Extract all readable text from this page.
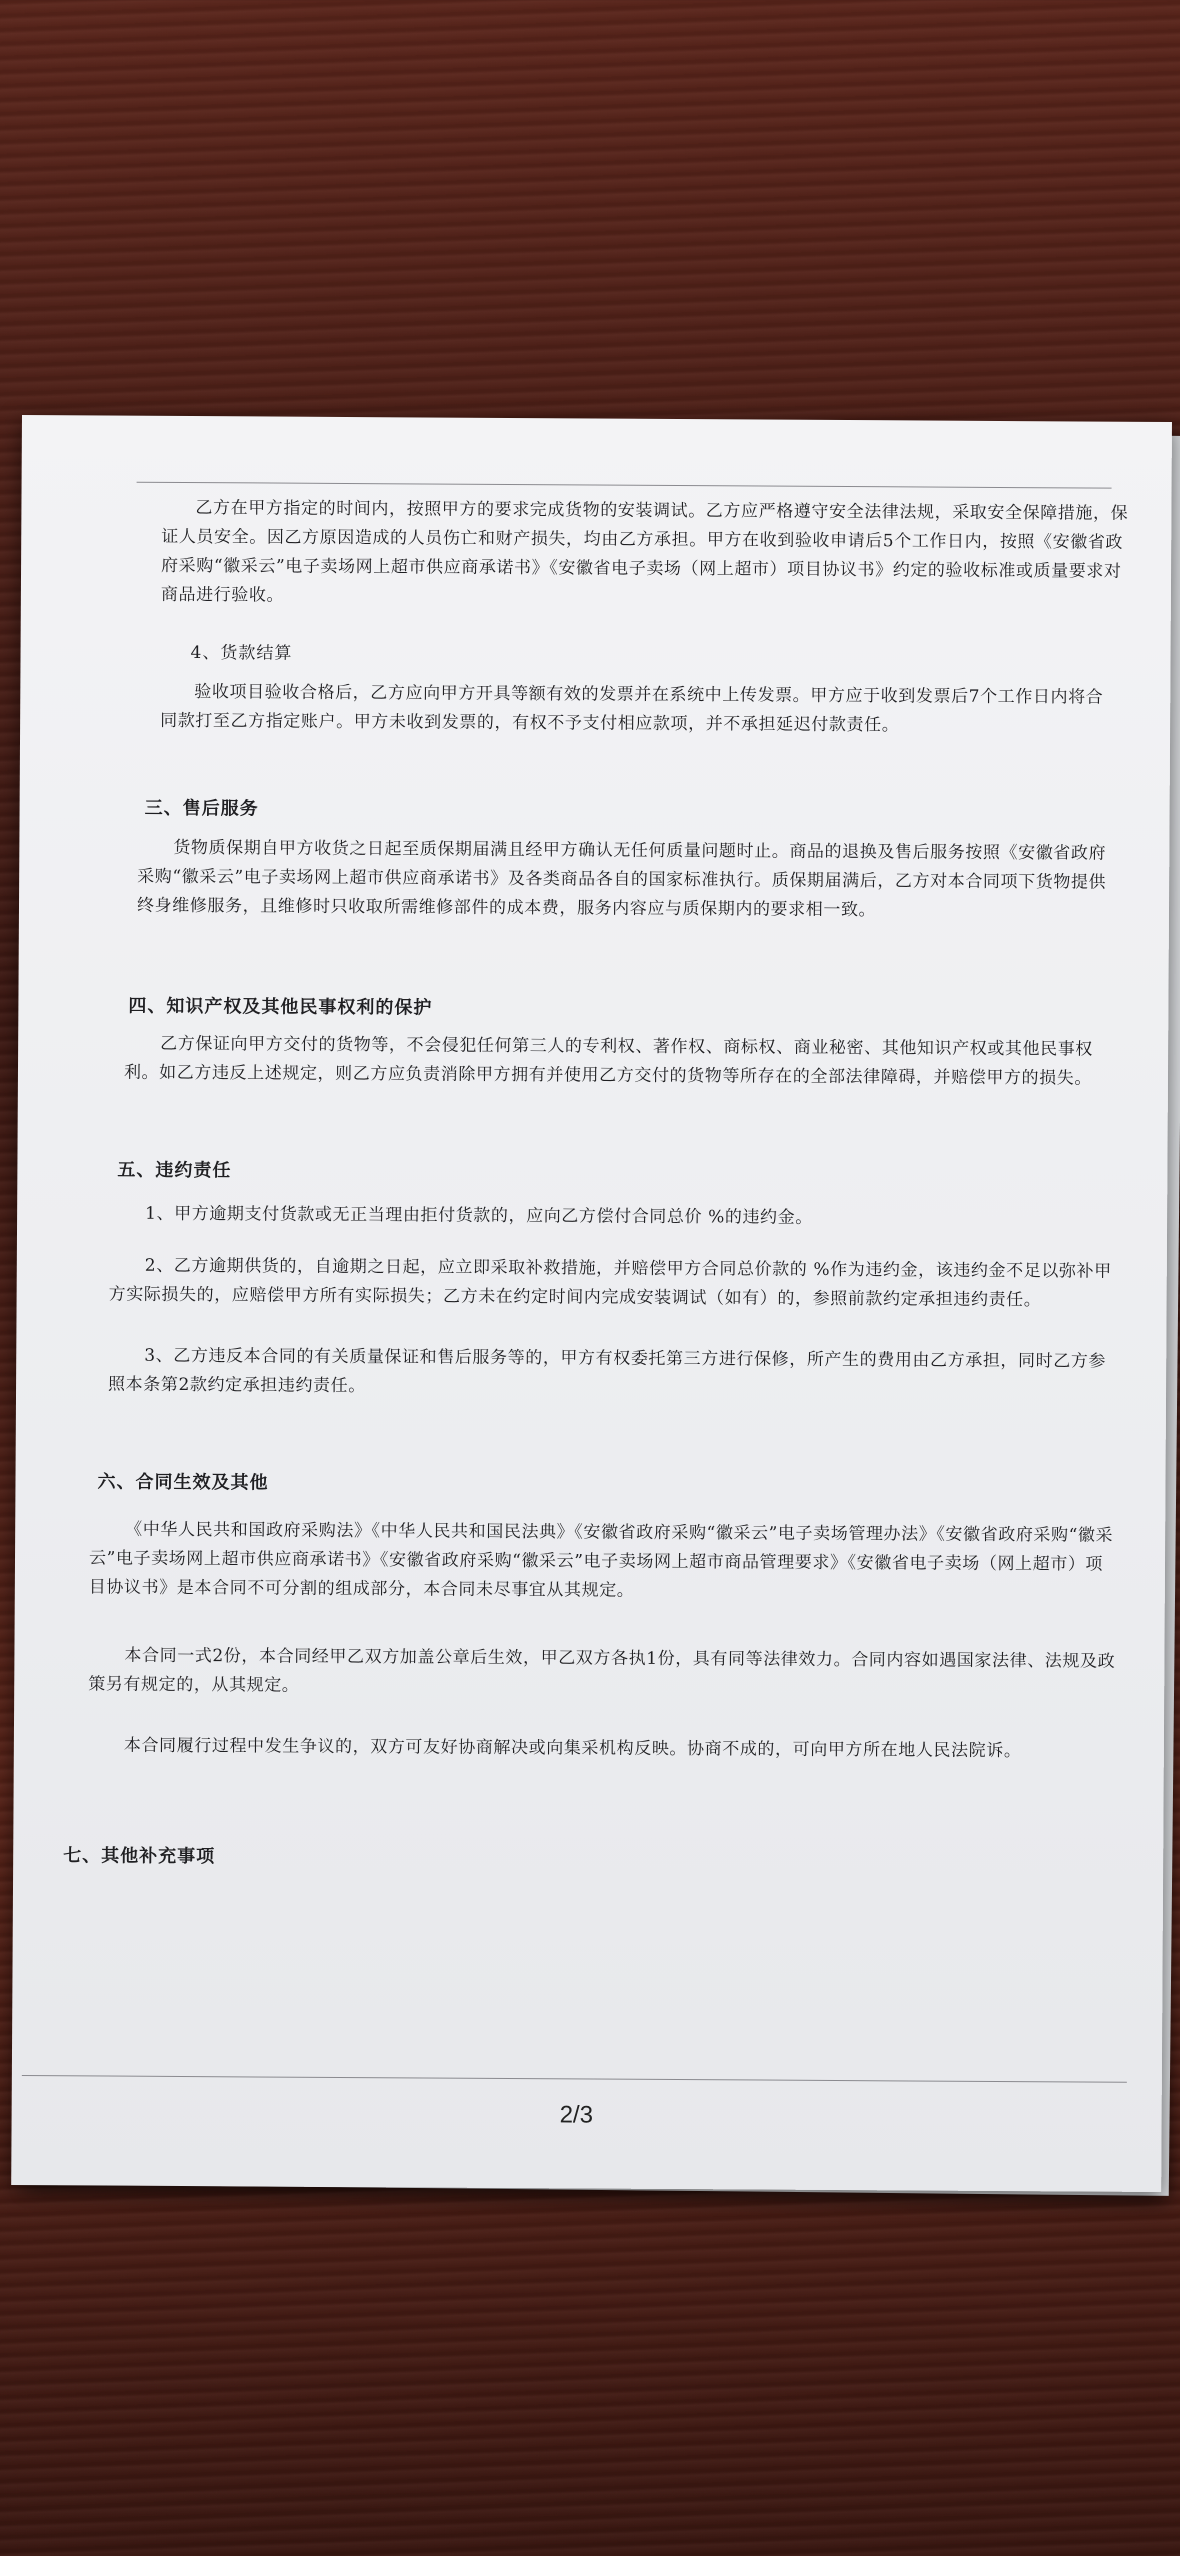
乙方在甲方指定的时间内，按照甲方的要求完成货物的安装调试。乙方应严格遵守安全法律法规，采取安全保障措施，保证人员安全。因乙方原因造成的人员伤亡和财产损失，均由乙方承担。甲方在收到验收申请后5个工作日内，按照《安徽省政府采购“徽采云”电子卖场网上超市供应商承诺书》《安徽省电子卖场（网上超市）项目协议书》约定的验收标准或质量要求对商品进行验收。
4、货款结算
验收项目验收合格后，乙方应向甲方开具等额有效的发票并在系统中上传发票。甲方应于收到发票后7个工作日内将合同款打至乙方指定账户。甲方未收到发票的，有权不予支付相应款项，并不承担延迟付款责任。
三、售后服务
货物质保期自甲方收货之日起至质保期届满且经甲方确认无任何质量问题时止。商品的退换及售后服务按照《安徽省政府采购“徽采云”电子卖场网上超市供应商承诺书》及各类商品各自的国家标准执行。质保期届满后，乙方对本合同项下货物提供终身维修服务，且维修时只收取所需维修部件的成本费，服务内容应与质保期内的要求相一致。
四、知识产权及其他民事权利的保护
乙方保证向甲方交付的货物等，不会侵犯任何第三人的专利权、著作权、商标权、商业秘密、其他知识产权或其他民事权利。如乙方违反上述规定，则乙方应负责消除甲方拥有并使用乙方交付的货物等所存在的全部法律障碍，并赔偿甲方的损失。
五、违约责任
1、甲方逾期支付货款或无正当理由拒付货款的，应向乙方偿付合同总价 %的违约金。
2、乙方逾期供货的，自逾期之日起，应立即采取补救措施，并赔偿甲方合同总价款的 %作为违约金，该违约金不足以弥补甲方实际损失的，应赔偿甲方所有实际损失；乙方未在约定时间内完成安装调试（如有）的，参照前款约定承担违约责任。
3、乙方违反本合同的有关质量保证和售后服务等的，甲方有权委托第三方进行保修，所产生的费用由乙方承担，同时乙方参照本条第2款约定承担违约责任。
六、合同生效及其他
《中华人民共和国政府采购法》《中华人民共和国民法典》《安徽省政府采购“徽采云”电子卖场管理办法》《安徽省政府采购“徽采云”电子卖场网上超市供应商承诺书》《安徽省政府采购“徽采云”电子卖场网上超市商品管理要求》《安徽省电子卖场（网上超市）项目协议书》是本合同不可分割的组成部分，本合同未尽事宜从其规定。
本合同一式2份，本合同经甲乙双方加盖公章后生效，甲乙双方各执1份，具有同等法律效力。合同内容如遇国家法律、法规及政策另有规定的，从其规定。
本合同履行过程中发生争议的，双方可友好协商解决或向集采机构反映。协商不成的，可向甲方所在地人民法院诉。
七、其他补充事项
2/3
